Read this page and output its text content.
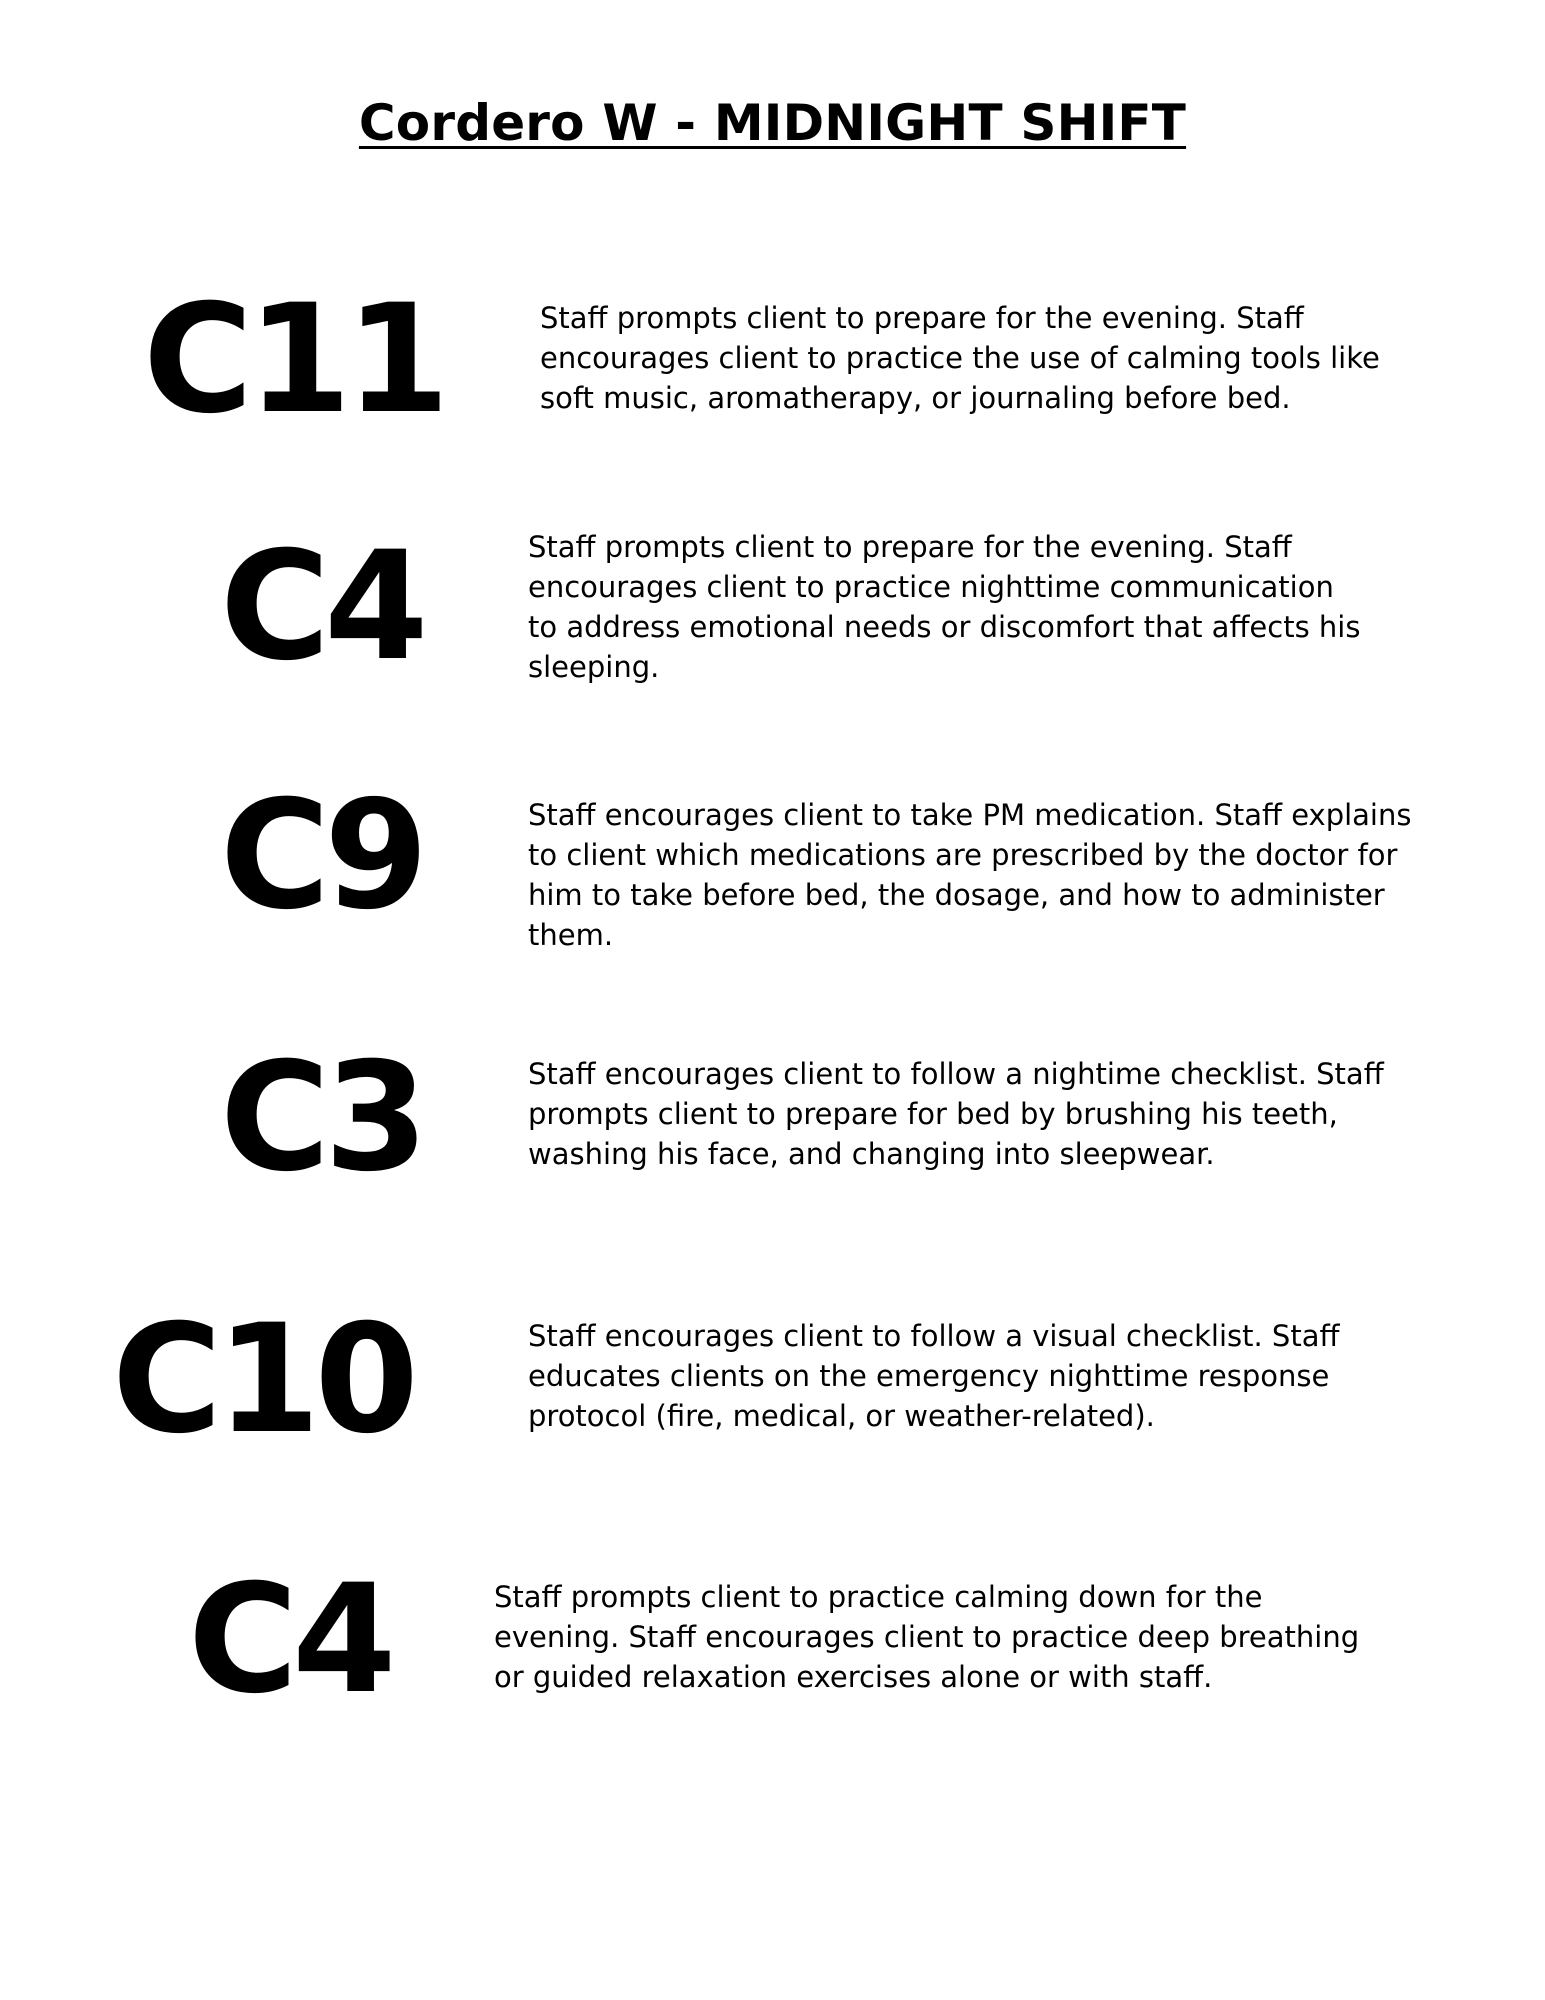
Cordero W - MIDNIGHT SHIFT
C11	Staff prompts client to prepare for the evening. Staff encourages client to practice the use of calming tools like soft music, aromatherapy, or journaling before bed.
C4	Staff prompts client to prepare for the evening. Staff encourages client to practice nighttime communication to address emotional needs or discomfort that affects his sleeping.
C9	Staff encourages client to take PM medication. Staff explains to client which medications are prescribed by the doctor for him to take before bed, the dosage, and how to administer them.
C3	Staff encourages client to follow a nightime checklist. Staff prompts client to prepare for bed by brushing his teeth, washing his face, and changing into sleepwear.
C10	Staff encourages client to follow a visual checklist. Staff educates clients on the emergency nighttime response protocol (fire, medical, or weather-related).
C4	Staff prompts client to practice calming down for the evening. Staff encourages client to practice deep breathing or guided relaxation exercises alone or with staff.
